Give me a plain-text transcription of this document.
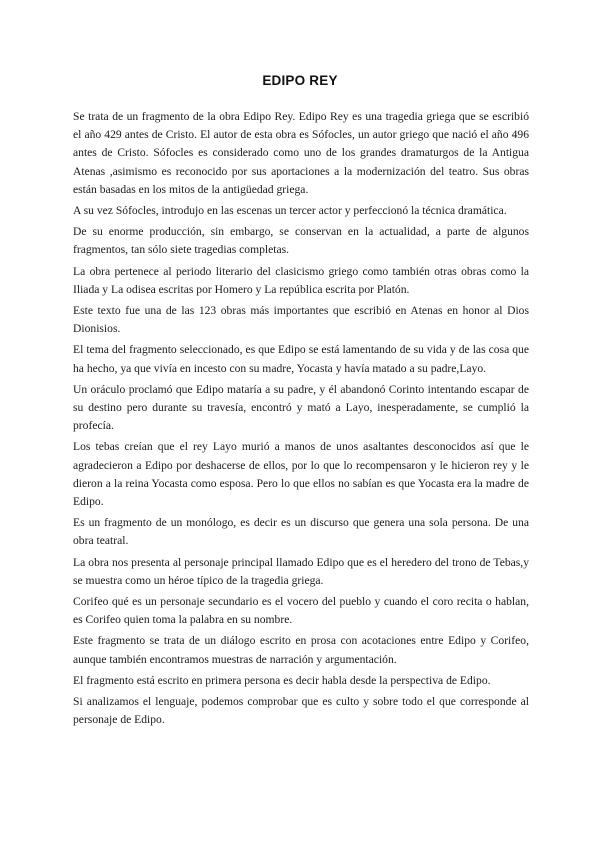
EDIPO REY

Se trata de un fragmento de la obra Edipo Rey. Edipo Rey es una tragedia griega que se escribió el año 429 antes de Cristo. El autor de esta obra es Sófocles, un autor griego que nació el año 496 antes de Cristo. Sófocles es considerado como uno de los grandes dramaturgos de la Antigua Atenas ,asimismo es reconocido por sus aportaciones a la modernización del teatro. Sus obras están basadas en los mitos de la antigüedad griega.

A su vez Sófocles, introdujo en las escenas un tercer actor y perfeccionó la técnica dramática.

De su enorme producción, sin embargo, se conservan en la actualidad, a parte de algunos fragmentos, tan sólo siete tragedias completas.

La obra pertenece al periodo literario del clasicismo griego como también otras obras como la Iliada y La odisea escritas por Homero y La república escrita por Platón.

Este texto fue una de las 123 obras más importantes que escribió en Atenas en honor al Dios Dionisios.

El tema del fragmento seleccionado, es que Edipo se está lamentando de su vida y de las cosa que ha hecho, ya que vivía en incesto con su madre, Yocasta y havía matado a su padre,Layo.

Un oráculo proclamó que Edipo mataría a su padre, y él abandonó Corinto intentando escapar de su destino pero durante su travesía, encontró y mató a Layo, inesperadamente, se cumplió la profecía.

Los tebas creían que el rey Layo murió a manos de unos asaltantes desconocidos así que le agradecieron a Edipo por deshacerse de ellos, por lo que lo recompensaron y le hicieron rey y le dieron a la reina Yocasta como esposa. Pero lo que ellos no sabían es que Yocasta era la madre de Edipo.

Es un fragmento de un monólogo, es decir es un discurso que genera una sola persona. De una obra teatral.

La obra nos presenta al personaje principal llamado Edipo que es el heredero del trono de Tebas,y se muestra como un héroe típico de la tragedia griega.

Corifeo qué es un personaje secundario es el vocero del pueblo y cuando el coro recita o hablan, es Corifeo quien toma la palabra en su nombre.

Este fragmento se trata de un diálogo escrito en prosa con acotaciones entre Edipo y Corifeo, aunque también encontramos muestras de narración y argumentación.

El fragmento está escrito en primera persona es decir habla desde la perspectiva de Edipo.

Si analizamos el lenguaje, podemos comprobar que es culto y sobre todo el que corresponde al personaje de Edipo.
